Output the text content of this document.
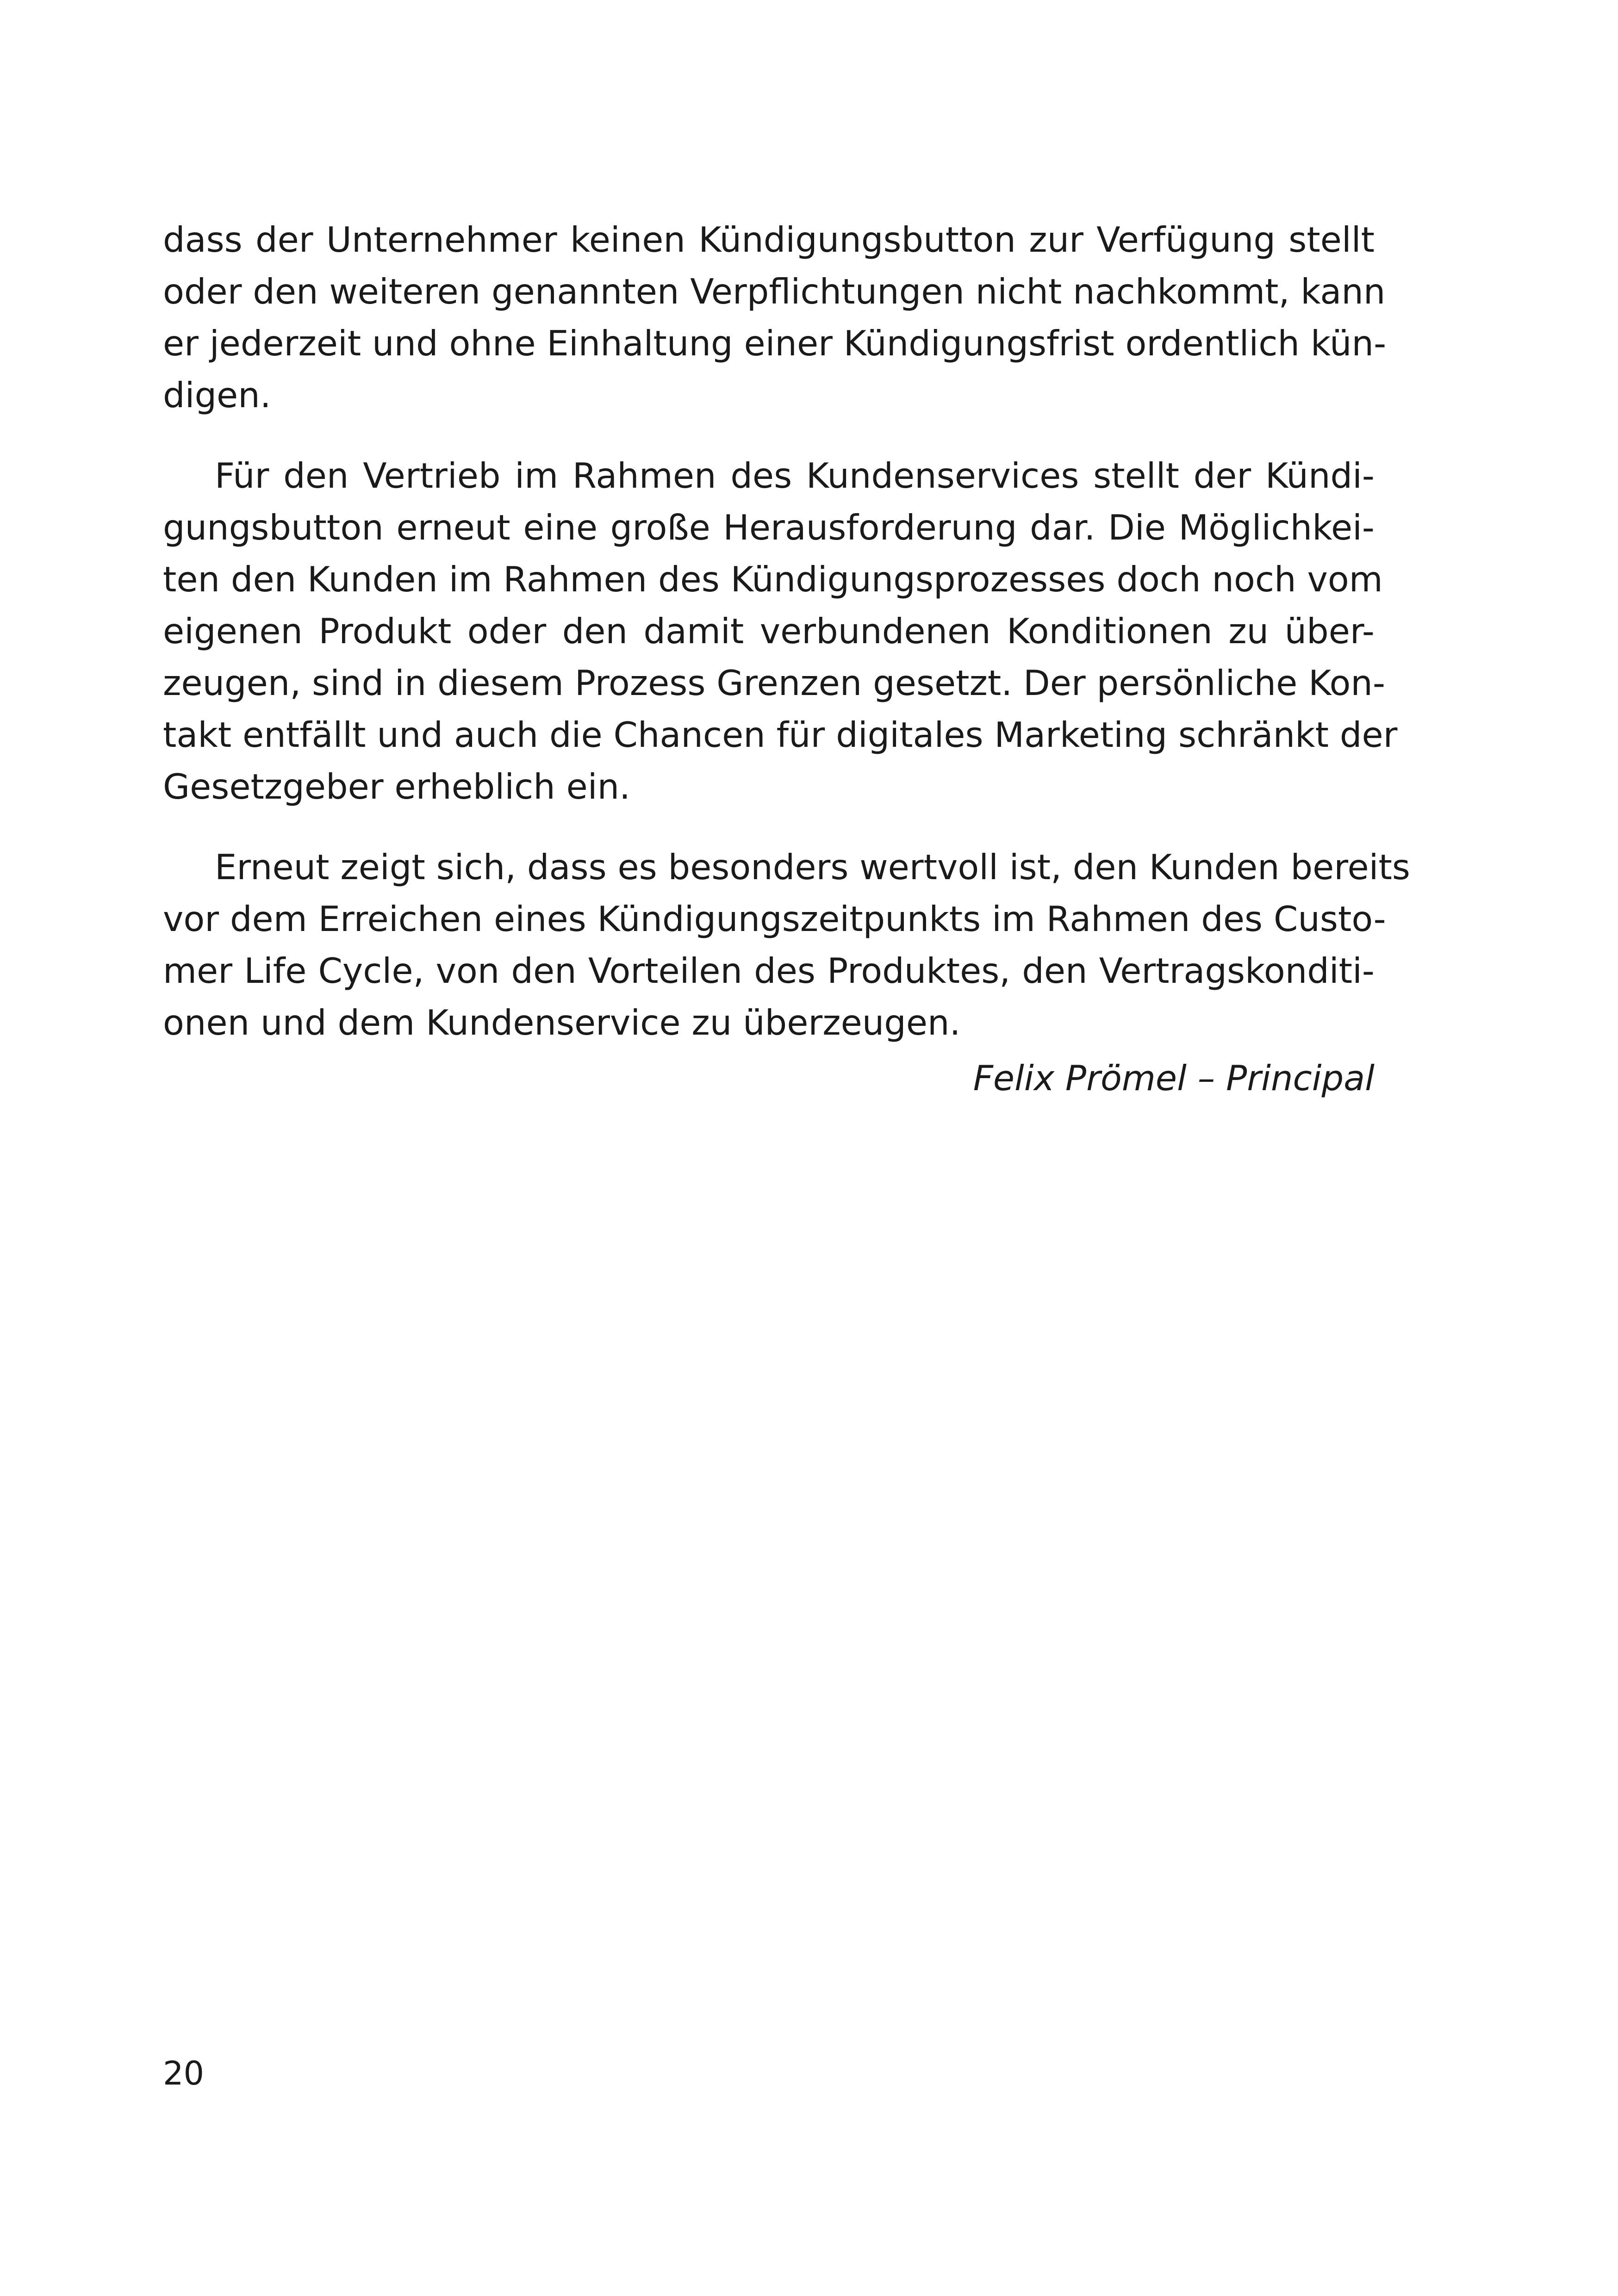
dass der Unternehmer keinen Kündigungsbutton zur Verfügung stellt
oder den weiteren genannten Verpflichtungen nicht nachkommt, kann
er jederzeit und ohne Einhaltung einer Kündigungsfrist ordentlich kün-
digen.
Für den Vertrieb im Rahmen des Kundenservices stellt der Kündi-
gungsbutton erneut eine große Herausforderung dar. Die Möglichkei-
ten den Kunden im Rahmen des Kündigungsprozesses doch noch vom
eigenen Produkt oder den damit verbundenen Konditionen zu über-
zeugen, sind in diesem Prozess Grenzen gesetzt. Der persönliche Kon-
takt entfällt und auch die Chancen für digitales Marketing schränkt der
Gesetzgeber erheblich ein.
Erneut zeigt sich, dass es besonders wertvoll ist, den Kunden bereits
vor dem Erreichen eines Kündigungszeitpunkts im Rahmen des Custo-
mer Life Cycle, von den Vorteilen des Produktes, den Vertragskonditi-
onen und dem Kundenservice zu überzeugen.
Felix Prömel – Principal
20
